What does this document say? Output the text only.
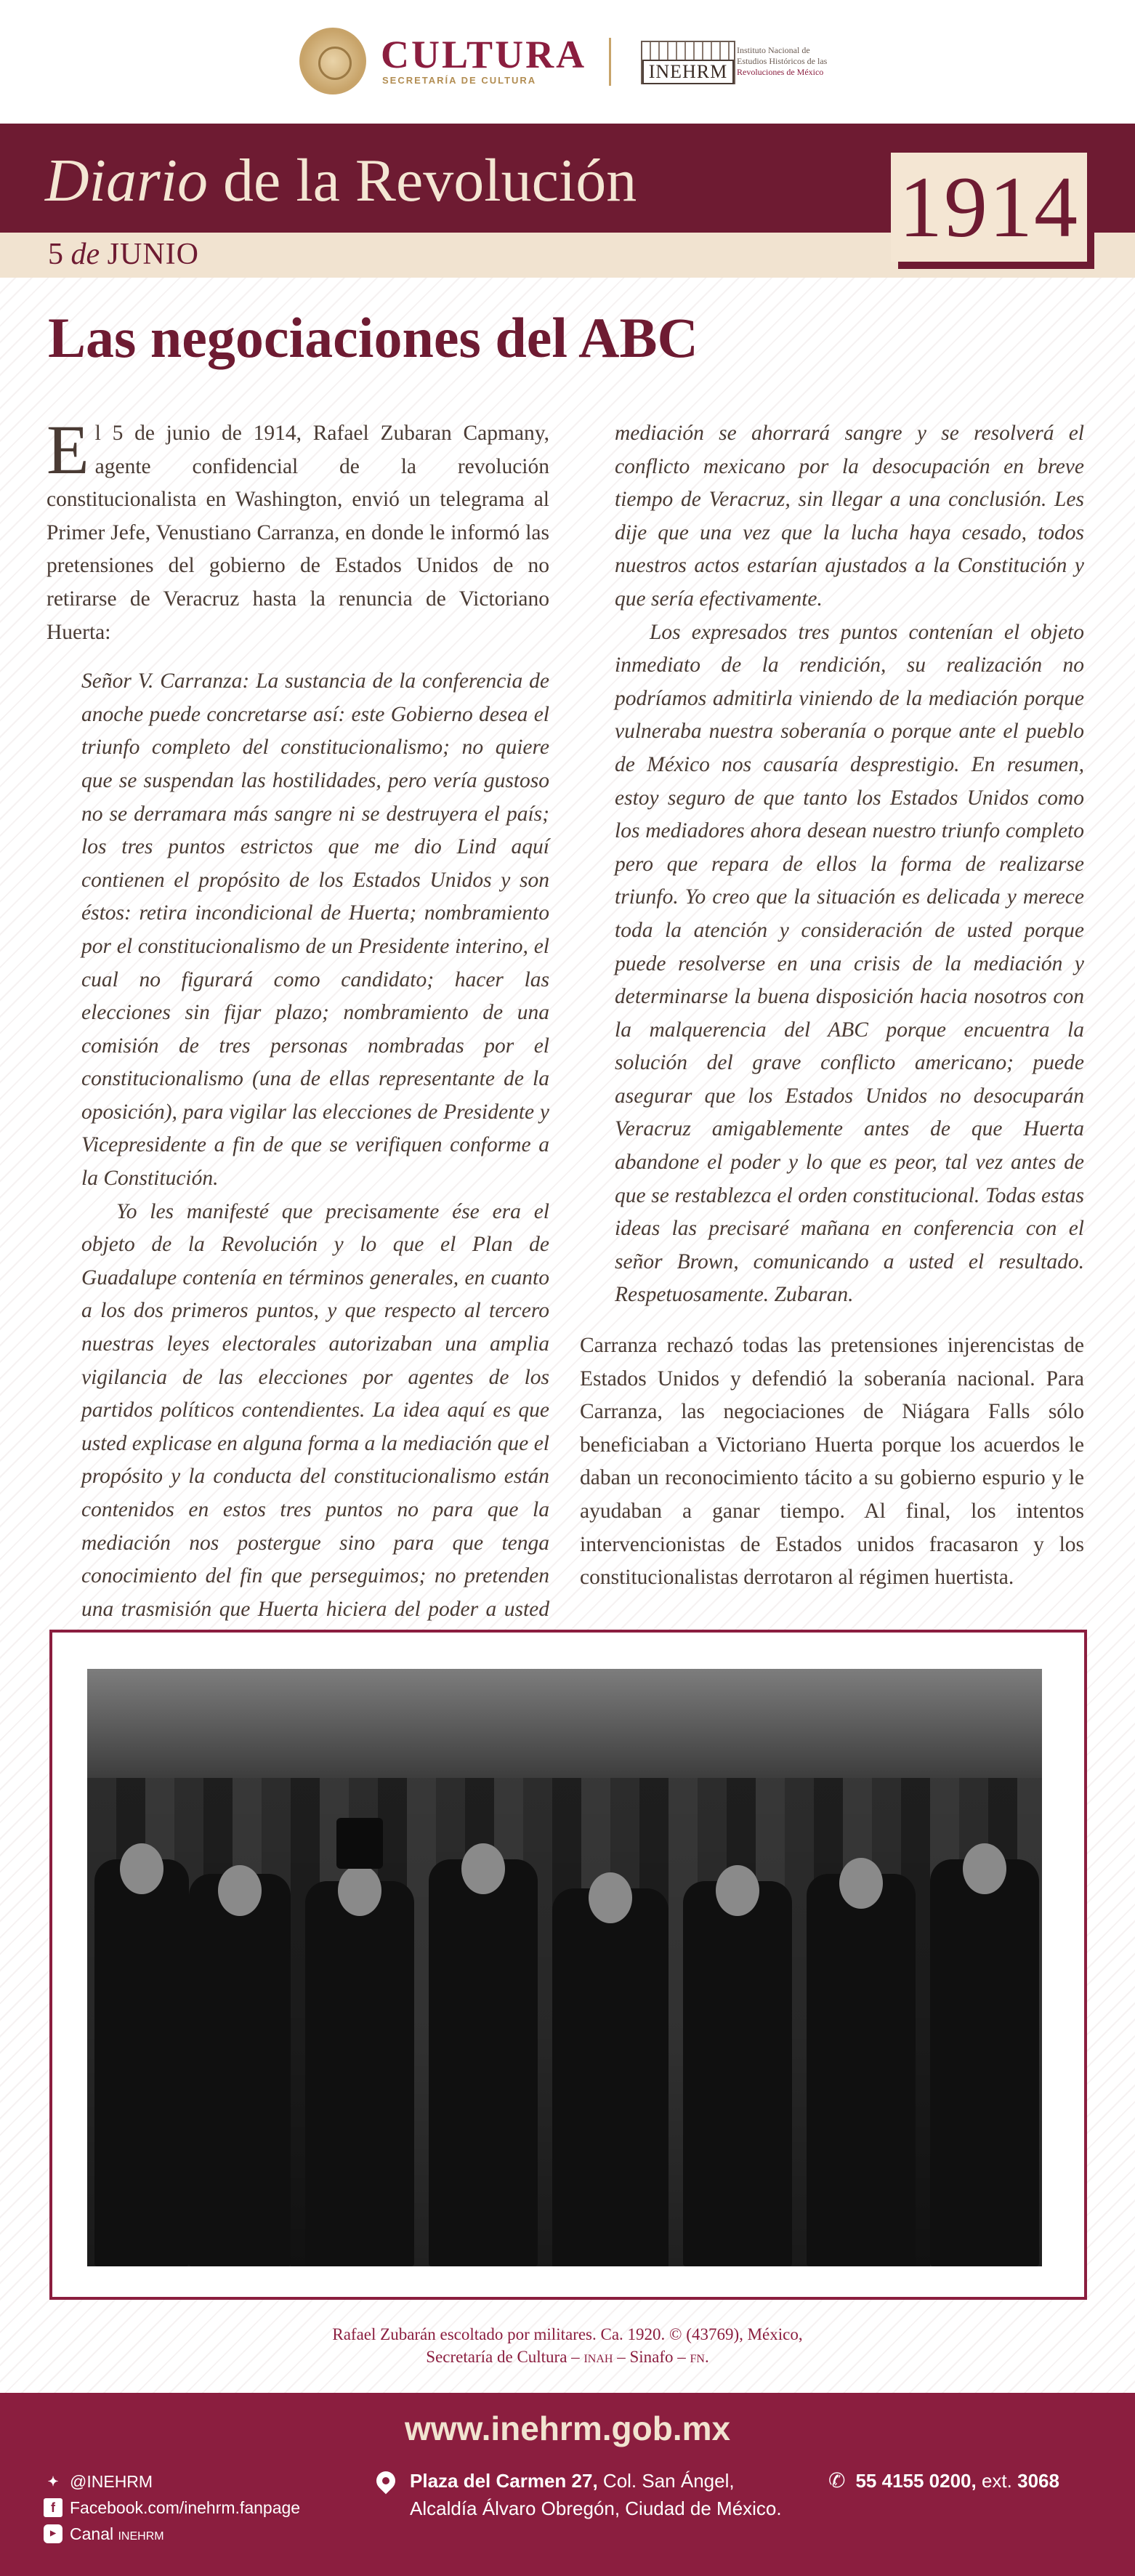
CULTURA
SECRETARÍA DE CULTURA	INEHRM
Instituto Nacional de
Estudios Históricos de las
Revoluciones de México
Diario de la Revolución
5 de JUNIO	1914
Las negociaciones del ABC

El 5 de junio de 1914, Rafael Zubaran Capmany, agente confidencial de la revolución constitucionalista en Washington, envió un telegrama al Primer Jefe, Venustiano Carranza, en donde le informó las pretensiones del gobierno de Estados Unidos de no retirarse de Veracruz hasta la renuncia de Victoriano Huerta:

Señor V. Carranza: La sustancia de la conferencia de anoche puede concretarse así: este Gobierno desea el triunfo completo del constitucionalismo; no quiere que se suspendan las hostilidades, pero vería gustoso no se derramara más sangre ni se destruyera el país; los tres puntos estrictos que me dio Lind aquí contienen el propósito de los Estados Unidos y son éstos: retira incondicional de Huerta; nombramiento por el constitucionalismo de un Presidente interino, el cual no figurará como candidato; hacer las elecciones sin fijar plazo; nombramiento de una comisión de tres personas nombradas por el constitucionalismo (una de ellas representante de la oposición), para vigilar las elecciones de Presidente y Vicepresidente a fin de que se verifiquen conforme a la Constitución.

Yo les manifesté que precisamente ése era el objeto de la Revolución y lo que el Plan de Guadalupe contenía en términos generales, en cuanto a los dos primeros puntos, y que respecto al tercero nuestras leyes electorales autorizaban una amplia vigilancia de las elecciones por agentes de los partidos políticos contendientes. La idea aquí es que usted explicase en alguna forma a la mediación que el propósito y la conducta del constitucionalismo están contenidos en estos tres puntos no para que la mediación nos postergue sino para que tenga conocimiento del fin que perseguimos; no pretenden una trasmisión que Huerta hiciera del poder a usted

mediación se ahorrará sangre y se resolverá el conflicto mexicano por la desocupación en breve tiempo de Veracruz, sin llegar a una conclusión. Les dije que una vez que la lucha haya cesado, todos nuestros actos estarían ajustados a la Constitución y que sería efectivamente.

Los expresados tres puntos contenían el objeto inmediato de la rendición, su realización no podríamos admitirla viniendo de la mediación porque vulneraba nuestra soberanía o porque ante el pueblo de México nos causaría desprestigio. En resumen, estoy seguro de que tanto los Estados Unidos como los mediadores ahora desean nuestro triunfo completo pero que repara de ellos la forma de realizarse triunfo. Yo creo que la situación es delicada y merece toda la atención y consideración de usted porque puede resolverse en una crisis de la mediación y determinarse la buena disposición hacia nosotros con la malquerencia del ABC porque encuentra la solución del grave conflicto americano; puede asegurar que los Estados Unidos no desocuparán Veracruz amigablemente antes de que Huerta abandone el poder y lo que es peor, tal vez antes de que se restablezca el orden constitucional. Todas estas ideas las precisaré mañana en conferencia con el señor Brown, comunicando a usted el resultado. Respetuosamente. Zubaran.

Carranza rechazó todas las pretensiones injerencistas de Estados Unidos y defendió la soberanía nacional. Para Carranza, las negociaciones de Niágara Falls sólo beneficiaban a Victoriano Huerta porque los acuerdos le daban un reconocimiento tácito a su gobierno espurio y le ayudaban a ganar tiempo. Al final, los intentos intervencionistas de Estados unidos fracasaron y los constitucionalistas derrotaron al régimen huertista.

Rafael Zubarán escoltado por militares. Ca. 1920. © (43769), México,
Secretaría de Cultura – inah – Sinafo – fn.
www.inehrm.gob.mx
✦ @INEHRM
f Facebook.com/inehrm.fanpage
▶ Canal inehrm
Plaza del Carmen 27, Col. San Ángel,
Alcaldía Álvaro Obregón, Ciudad de México.
✆ 55 4155 0200, ext. 3068
